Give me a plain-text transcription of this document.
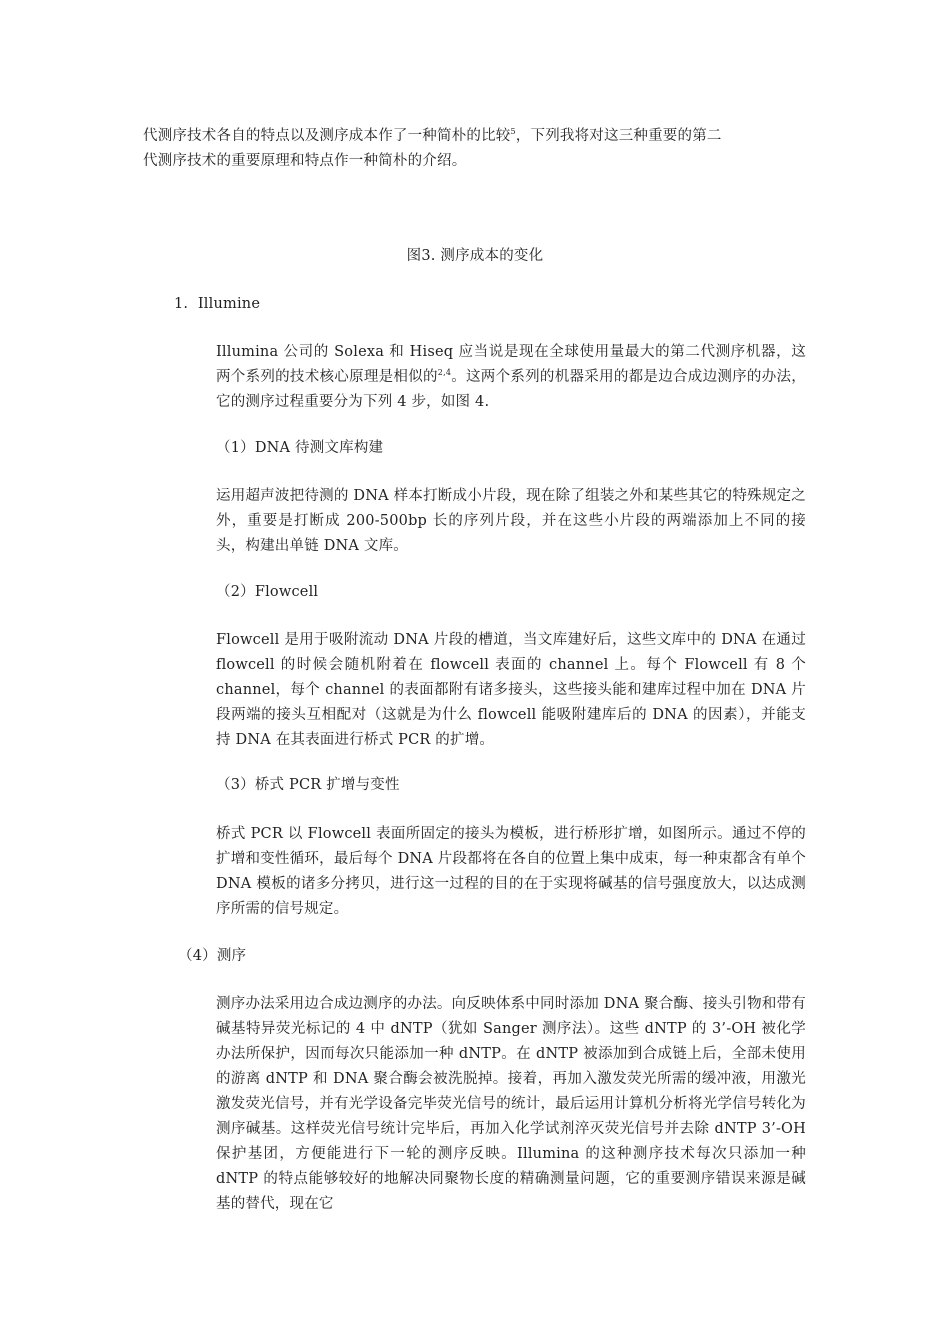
代测序技术各自的特点以及测序成本作了一种简朴的比较$^5$，下列我将对这三种重要的第二
代测序技术的重要原理和特点作一种简朴的介绍。
图3. 测序成本的变化
1.  Illumine
Illumina 公司的 Solexa 和 Hiseq 应当说是现在全球使用量最大的第二代测序机器，这两个系列的技术核心原理是相似的$^{2,4}$。这两个系列的机器采用的都是边合成边测序的办法，它的测序过程重要分为下列 4 步，如图 4.
（1）DNA 待测文库构建
运用超声波把待测的 DNA 样本打断成小片段，现在除了组装之外和某些其它的特殊规定之外，重要是打断成 200-500bp 长的序列片段，并在这些小片段的两端添加上不同的接头，构建出单链 DNA 文库。
（2）Flowcell
Flowcell 是用于吸附流动 DNA 片段的槽道，当文库建好后，这些文库中的 DNA 在通过 flowcell 的时候会随机附着在 flowcell 表面的 channel 上。每个 Flowcell 有 8 个 channel，每个 channel 的表面都附有诸多接头，这些接头能和建库过程中加在 DNA 片段两端的接头互相配对（这就是为什么 flowcell 能吸附建库后的 DNA 的因素），并能支持 DNA 在其表面进行桥式 PCR 的扩增。
（3）桥式 PCR 扩增与变性
桥式 PCR 以 Flowcell 表面所固定的接头为模板，进行桥形扩增，如图所示。通过不停的扩增和变性循环，最后每个 DNA 片段都将在各自的位置上集中成束，每一种束都含有单个 DNA 模板的诸多分拷贝，进行这一过程的目的在于实现将碱基的信号强度放大，以达成测序所需的信号规定。
（4）测序
测序办法采用边合成边测序的办法。向反映体系中同时添加 DNA 聚合酶、接头引物和带有碱基特异荧光标记的 4 中 dNTP（犹如 Sanger 测序法）。这些 dNTP 的 3’-OH 被化学办法所保护，因而每次只能添加一种 dNTP。在 dNTP 被添加到合成链上后，全部未使用的游离 dNTP 和 DNA 聚合酶会被洗脱掉。接着，再加入激发荧光所需的缓冲液，用激光激发荧光信号，并有光学设备完毕荧光信号的统计，最后运用计算机分析将光学信号转化为测序碱基。这样荧光信号统计完毕后，再加入化学试剂淬灭荧光信号并去除 dNTP 3’-OH 保护基团，方便能进行下一轮的测序反映。Illumina 的这种测序技术每次只添加一种 dNTP 的特点能够较好的地解决同聚物长度的精确测量问题，它的重要测序错误来源是碱基的替代，现在它
